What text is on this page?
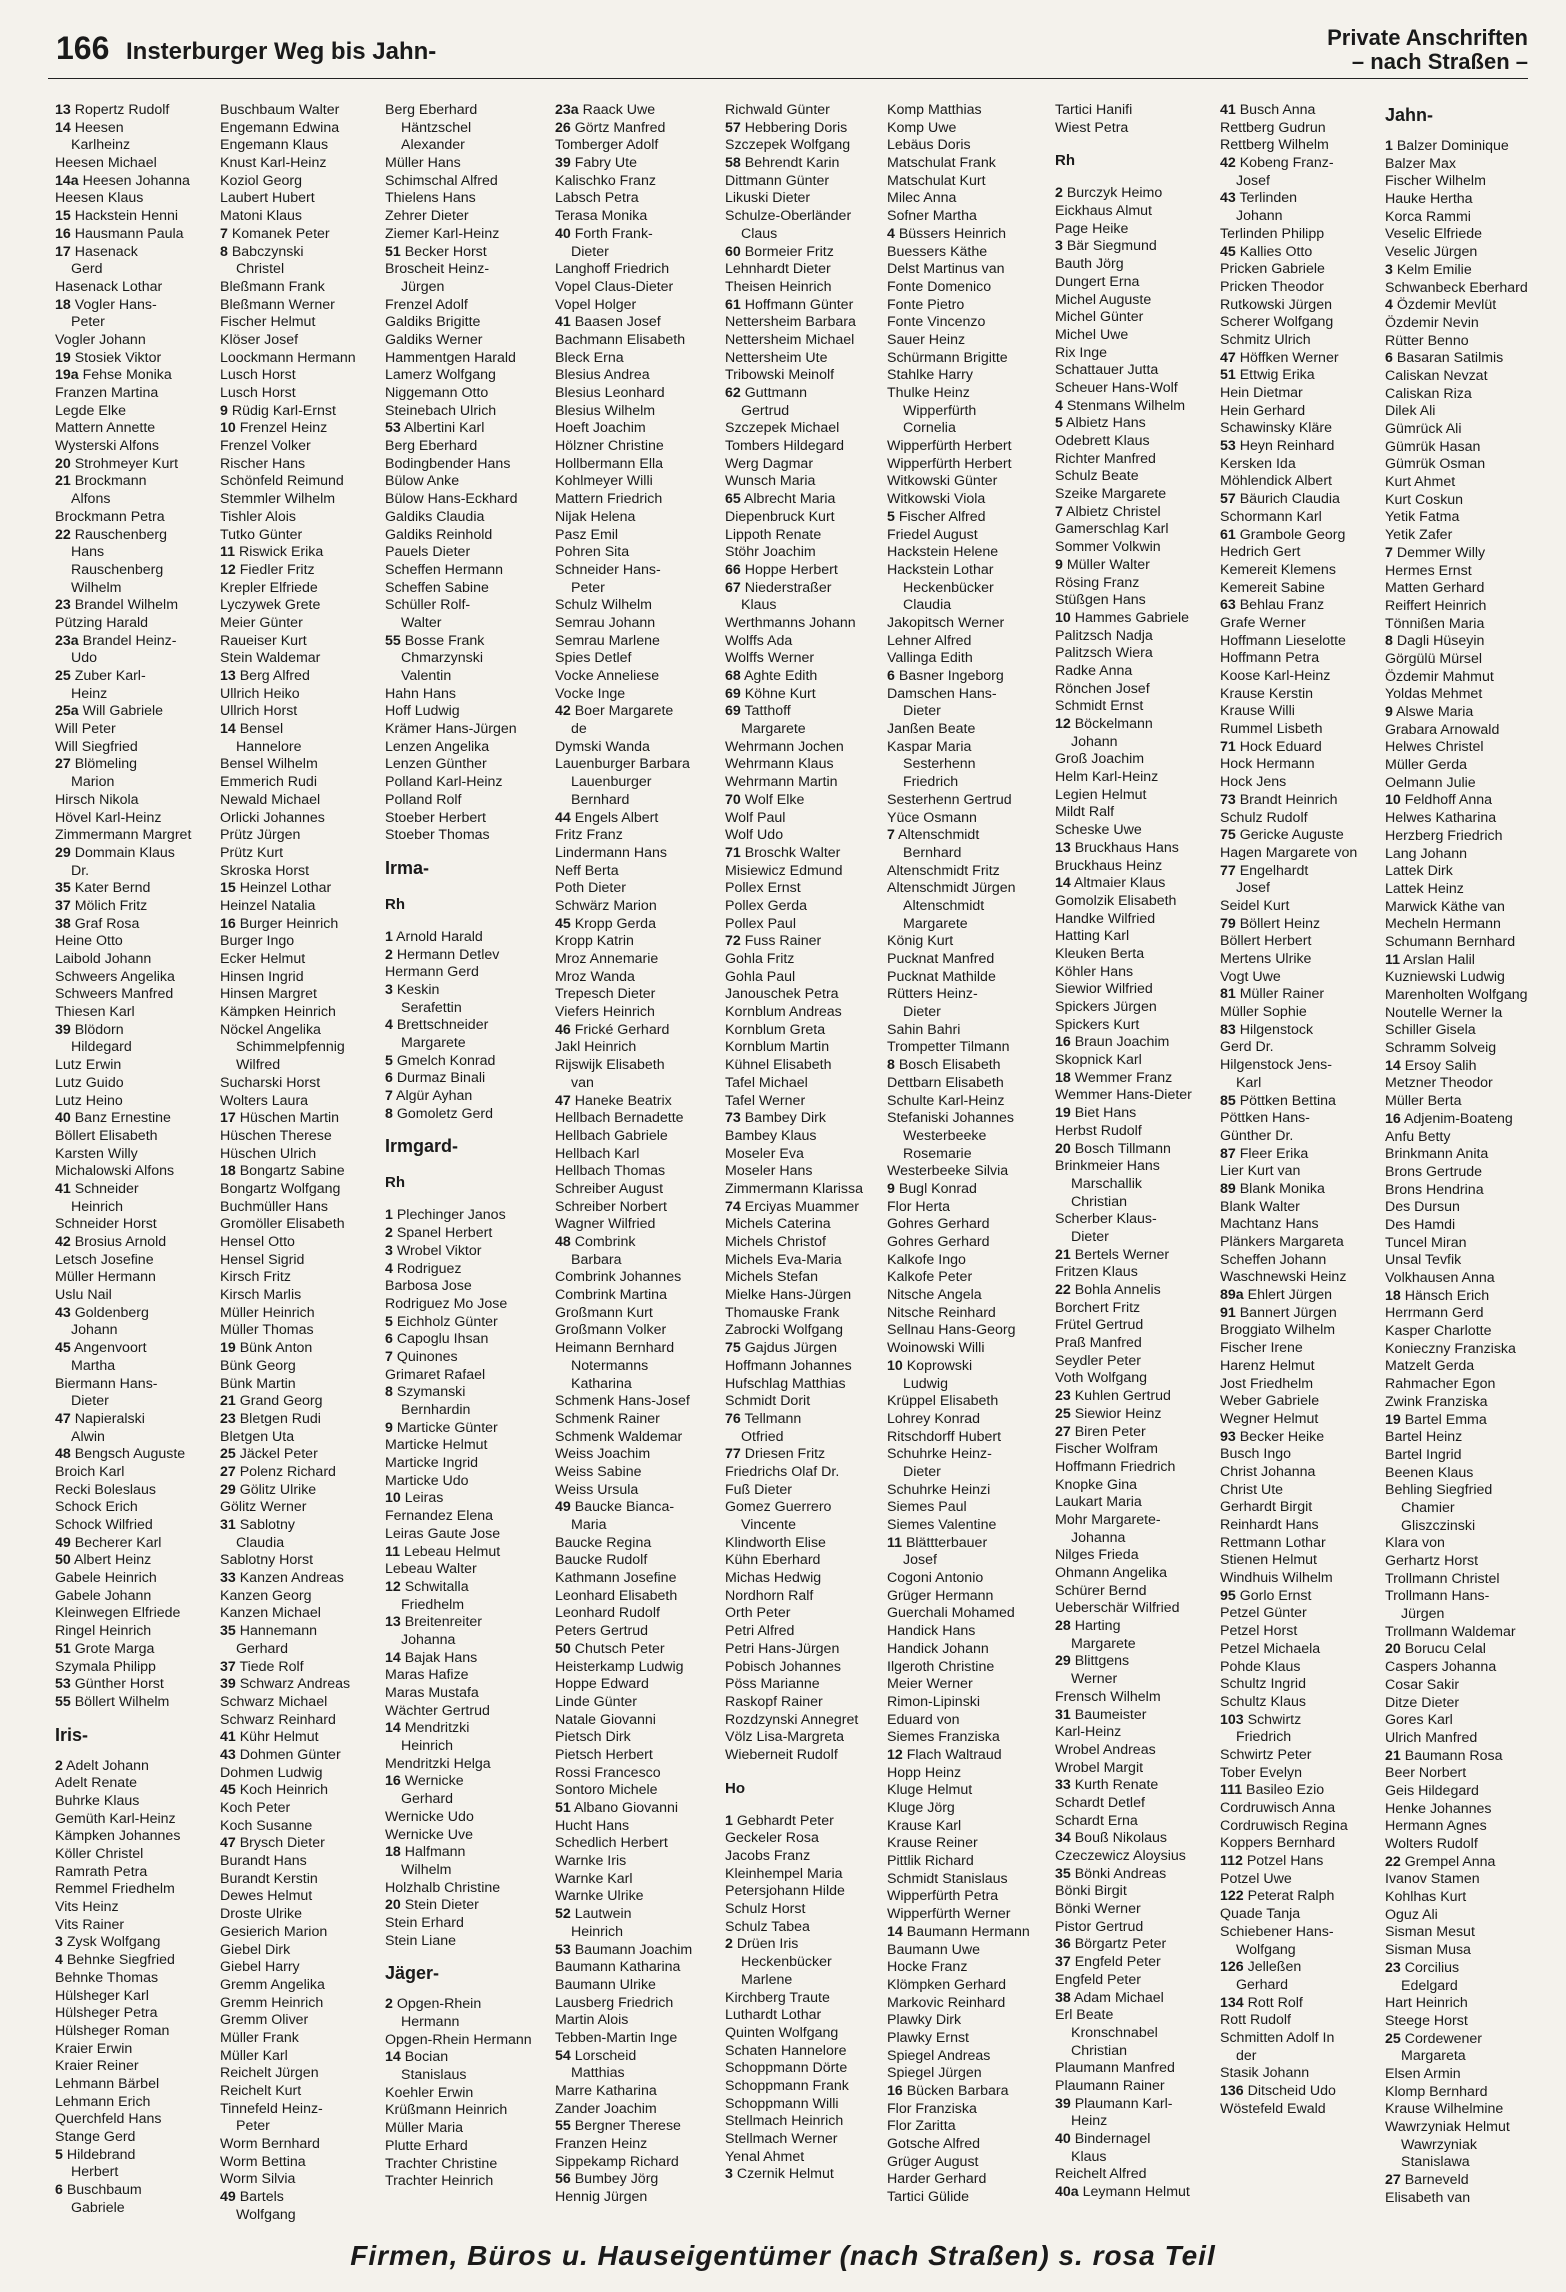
166 Insterburger Weg bis Jahn-
Private Anschriften
– nach Straßen –
13 Ropertz Rudolf
14 Heesen
Karlheinz
Heesen Michael
14a Heesen Johanna
Heesen Klaus
15 Hackstein Henni
16 Hausmann Paula
17 Hasenack
Gerd
Hasenack Lothar
18 Vogler Hans-
Peter
Vogler Johann
19 Stosiek Viktor
19a Fehse Monika
Franzen Martina
Legde Elke
Mattern Annette
Wysterski Alfons
20 Strohmeyer Kurt
21 Brockmann
Alfons
Brockmann Petra
22 Rauschenberg
Hans
Rauschenberg
Wilhelm
23 Brandel Wilhelm
Pützing Harald
23a Brandel Heinz-
Udo
25 Zuber Karl-
Heinz
25a Will Gabriele
Will Peter
Will Siegfried
27 Blömeling
Marion
Hirsch Nikola
Hövel Karl-Heinz
Zimmermann Margret
29 Dommain Klaus
Dr.
35 Kater Bernd
37 Mölich Fritz
38 Graf Rosa
Heine Otto
Laibold Johann
Schweers Angelika
Schweers Manfred
Thiesen Karl
39 Blödorn
Hildegard
Lutz Erwin
Lutz Guido
Lutz Heino
40 Banz Ernestine
Böllert Elisabeth
Karsten Willy
Michalowski Alfons
41 Schneider
Heinrich
Schneider Horst
42 Brosius Arnold
Letsch Josefine
Müller Hermann
Uslu Nail
43 Goldenberg
Johann
45 Angenvoort
Martha
Biermann Hans-
Dieter
47 Napieralski
Alwin
48 Bengsch Auguste
Broich Karl
Recki Boleslaus
Schock Erich
Schock Wilfried
49 Becherer Karl
50 Albert Heinz
Gabele Heinrich
Gabele Johann
Kleinwegen Elfriede
Ringel Heinrich
51 Grote Marga
Szymala Philipp
53 Günther Horst
55 Böllert Wilhelm
Iris-
2 Adelt Johann
Adelt Renate
Buhrke Klaus
Gemüth Karl-Heinz
Kämpken Johannes
Köller Christel
Ramrath Petra
Remmel Friedhelm
Vits Heinz
Vits Rainer
3 Zysk Wolfgang
4 Behnke Siegfried
Behnke Thomas
Hülsheger Karl
Hülsheger Petra
Hülsheger Roman
Kraier Erwin
Kraier Reiner
Lehmann Bärbel
Lehmann Erich
Querchfeld Hans
Stange Gerd
5 Hildebrand
Herbert
6 Buschbaum
Gabriele
Buschbaum Walter
Engemann Edwina
Engemann Klaus
Knust Karl-Heinz
Koziol Georg
Laubert Hubert
Matoni Klaus
7 Komanek Peter
8 Babczynski
Christel
Bleßmann Frank
Bleßmann Werner
Fischer Helmut
Klöser Josef
Loockmann Hermann
Lusch Horst
Lusch Horst
9 Rüdig Karl-Ernst
10 Frenzel Heinz
Frenzel Volker
Rischer Hans
Schönfeld Reimund
Stemmler Wilhelm
Tishler Alois
Tutko Günter
11 Riswick Erika
12 Fiedler Fritz
Krepler Elfriede
Lyczywek Grete
Meier Günter
Raueiser Kurt
Stein Waldemar
13 Berg Alfred
Ullrich Heiko
Ullrich Horst
14 Bensel
Hannelore
Bensel Wilhelm
Emmerich Rudi
Newald Michael
Orlicki Johannes
Prütz Jürgen
Prütz Kurt
Skroska Horst
15 Heinzel Lothar
Heinzel Natalia
16 Burger Heinrich
Burger Ingo
Ecker Helmut
Hinsen Ingrid
Hinsen Margret
Kämpken Heinrich
Nöckel Angelika
Schimmelpfennig
Wilfred
Sucharski Horst
Wolters Laura
17 Hüschen Martin
Hüschen Therese
Hüschen Ulrich
18 Bongartz Sabine
Bongartz Wolfgang
Buchmüller Hans
Gromöller Elisabeth
Hensel Otto
Hensel Sigrid
Kirsch Fritz
Kirsch Marlis
Müller Heinrich
Müller Thomas
19 Bünk Anton
Bünk Georg
Bünk Martin
21 Grand Georg
23 Bletgen Rudi
Bletgen Uta
25 Jäckel Peter
27 Polenz Richard
29 Gölitz Ulrike
Gölitz Werner
31 Sablotny
Claudia
Sablotny Horst
33 Kanzen Andreas
Kanzen Georg
Kanzen Michael
35 Hannemann
Gerhard
37 Tiede Rolf
39 Schwarz Andreas
Schwarz Michael
Schwarz Reinhard
41 Kühr Helmut
43 Dohmen Günter
Dohmen Ludwig
45 Koch Heinrich
Koch Peter
Koch Susanne
47 Brysch Dieter
Burandt Hans
Burandt Kerstin
Dewes Helmut
Droste Ulrike
Gesierich Marion
Giebel Dirk
Giebel Harry
Gremm Angelika
Gremm Heinrich
Gremm Oliver
Müller Frank
Müller Karl
Reichelt Jürgen
Reichelt Kurt
Tinnefeld Heinz-
Peter
Worm Bernhard
Worm Bettina
Worm Silvia
49 Bartels
Wolfgang
Berg Eberhard
Häntzschel
Alexander
Müller Hans
Schimschal Alfred
Thielens Hans
Zehrer Dieter
Ziemer Karl-Heinz
51 Becker Horst
Broscheit Heinz-
Jürgen
Frenzel Adolf
Galdiks Brigitte
Galdiks Werner
Hammentgen Harald
Lamerz Wolfgang
Niggemann Otto
Steinebach Ulrich
53 Albertini Karl
Berg Eberhard
Bodingbender Hans
Bülow Anke
Bülow Hans-Eckhard
Galdiks Claudia
Galdiks Reinhold
Pauels Dieter
Scheffen Hermann
Scheffen Sabine
Schüller Rolf-
Walter
55 Bosse Frank
Chmarzynski
Valentin
Hahn Hans
Hoff Ludwig
Krämer Hans-Jürgen
Lenzen Angelika
Lenzen Günther
Polland Karl-Heinz
Polland Rolf
Stoeber Herbert
Stoeber Thomas
Irma-
Rh
1 Arnold Harald
2 Hermann Detlev
Hermann Gerd
3 Keskin
Serafettin
4 Brettschneider
Margarete
5 Gmelch Konrad
6 Durmaz Binali
7 Algür Ayhan
8 Gomoletz Gerd
Irmgard-
Rh
1 Plechinger Janos
2 Spanel Herbert
3 Wrobel Viktor
4 Rodriguez
Barbosa Jose
Rodriguez Mo Jose
5 Eichholz Günter
6 Capoglu Ihsan
7 Quinones
Grimaret Rafael
8 Szymanski
Bernhardin
9 Marticke Günter
Marticke Helmut
Marticke Ingrid
Marticke Udo
10 Leiras
Fernandez Elena
Leiras Gaute Jose
11 Lebeau Helmut
Lebeau Walter
12 Schwitalla
Friedhelm
13 Breitenreiter
Johanna
14 Bajak Hans
Maras Hafize
Maras Mustafa
Wächter Gertrud
14 Mendritzki
Heinrich
Mendritzki Helga
16 Wernicke
Gerhard
Wernicke Udo
Wernicke Uve
18 Halfmann
Wilhelm
Holzhalb Christine
20 Stein Dieter
Stein Erhard
Stein Liane
Jäger-
2 Opgen-Rhein
Hermann
Opgen-Rhein Hermann
14 Bocian
Stanislaus
Koehler Erwin
Krüßmann Heinrich
Müller Maria
Plutte Erhard
Trachter Christine
Trachter Heinrich
23a Raack Uwe
26 Görtz Manfred
Tomberger Adolf
39 Fabry Ute
Kalischko Franz
Labsch Petra
Terasa Monika
40 Forth Frank-
Dieter
Langhoff Friedrich
Vopel Claus-Dieter
Vopel Holger
41 Baasen Josef
Bachmann Elisabeth
Bleck Erna
Blesius Andrea
Blesius Leonhard
Blesius Wilhelm
Hoeft Joachim
Hölzner Christine
Hollbermann Ella
Kohlmeyer Willi
Mattern Friedrich
Nijak Helena
Pasz Emil
Pohren Sita
Schneider Hans-
Peter
Schulz Wilhelm
Semrau Johann
Semrau Marlene
Spies Detlef
Vocke Anneliese
Vocke Inge
42 Boer Margarete
de
Dymski Wanda
Lauenburger Barbara
Lauenburger
Bernhard
44 Engels Albert
Fritz Franz
Lindermann Hans
Neff Berta
Poth Dieter
Schwärz Marion
45 Kropp Gerda
Kropp Katrin
Mroz Annemarie
Mroz Wanda
Trepesch Dieter
Viefers Heinrich
46 Frické Gerhard
Jakl Heinrich
Rijswijk Elisabeth
van
47 Haneke Beatrix
Hellbach Bernadette
Hellbach Gabriele
Hellbach Karl
Hellbach Thomas
Schreiber August
Schreiber Norbert
Wagner Wilfried
48 Combrink
Barbara
Combrink Johannes
Combrink Martina
Großmann Kurt
Großmann Volker
Heimann Bernhard
Notermanns
Katharina
Schmenk Hans-Josef
Schmenk Rainer
Schmenk Waldemar
Weiss Joachim
Weiss Sabine
Weiss Ursula
49 Baucke Bianca-
Maria
Baucke Regina
Baucke Rudolf
Kathmann Josefine
Leonhard Elisabeth
Leonhard Rudolf
Peters Gertrud
50 Chutsch Peter
Heisterkamp Ludwig
Hoppe Edward
Linde Günter
Natale Giovanni
Pietsch Dirk
Pietsch Herbert
Rossi Francesco
Sontoro Michele
51 Albano Giovanni
Hucht Hans
Schedlich Herbert
Warnke Iris
Warnke Karl
Warnke Ulrike
52 Lautwein
Heinrich
53 Baumann Joachim
Baumann Katharina
Baumann Ulrike
Lausberg Friedrich
Martin Alois
Tebben-Martin Inge
54 Lorscheid
Matthias
Marre Katharina
Zander Joachim
55 Bergner Therese
Franzen Heinz
Sippekamp Richard
56 Bumbey Jörg
Hennig Jürgen
Richwald Günter
57 Hebbering Doris
Szczepek Wolfgang
58 Behrendt Karin
Dittmann Günter
Likuski Dieter
Schulze-Oberländer
Claus
60 Bormeier Fritz
Lehnhardt Dieter
Theisen Heinrich
61 Hoffmann Günter
Nettersheim Barbara
Nettersheim Michael
Nettersheim Ute
Tribowski Meinolf
62 Guttmann
Gertrud
Szczepek Michael
Tombers Hildegard
Werg Dagmar
Wunsch Maria
65 Albrecht Maria
Diepenbruck Kurt
Lippoth Renate
Stöhr Joachim
66 Hoppe Herbert
67 Niederstraßer
Klaus
Werthmanns Johann
Wolffs Ada
Wolffs Werner
68 Aghte Edith
69 Köhne Kurt
69 Tatthoff
Margarete
Wehrmann Jochen
Wehrmann Klaus
Wehrmann Martin
70 Wolf Elke
Wolf Paul
Wolf Udo
71 Broschk Walter
Misiewicz Edmund
Pollex Ernst
Pollex Gerda
Pollex Paul
72 Fuss Rainer
Gohla Fritz
Gohla Paul
Janouschek Petra
Kornblum Andreas
Kornblum Greta
Kornblum Martin
Kühnel Elisabeth
Tafel Michael
Tafel Werner
73 Bambey Dirk
Bambey Klaus
Moseler Eva
Moseler Hans
Zimmermann Klarissa
74 Erciyas Muammer
Michels Caterina
Michels Christof
Michels Eva-Maria
Michels Stefan
Mielke Hans-Jürgen
Thomauske Frank
Zabrocki Wolfgang
75 Gajdus Jürgen
Hoffmann Johannes
Hufschlag Matthias
Schmidt Dorit
76 Tellmann
Otfried
77 Driesen Fritz
Friedrichs Olaf Dr.
Fuß Dieter
Gomez Guerrero
Vincente
Klindworth Elise
Kühn Eberhard
Michas Hedwig
Nordhorn Ralf
Orth Peter
Petri Alfred
Petri Hans-Jürgen
Pobisch Johannes
Pöss Marianne
Raskopf Rainer
Rozdzynski Annegret
Völz Lisa-Margreta
Wieberneit Rudolf
Ho
1 Gebhardt Peter
Geckeler Rosa
Jacobs Franz
Kleinhempel Maria
Petersjohann Hilde
Schulz Horst
Schulz Tabea
2 Drüen Iris
Heckenbücker
Marlene
Kirchberg Traute
Luthardt Lothar
Quinten Wolfgang
Schaten Hannelore
Schoppmann Dörte
Schoppmann Frank
Schoppmann Willi
Stellmach Heinrich
Stellmach Werner
Yenal Ahmet
3 Czernik Helmut
Komp Matthias
Komp Uwe
Lebäus Doris
Matschulat Frank
Matschulat Kurt
Milec Anna
Sofner Martha
4 Büssers Heinrich
Buessers Käthe
Delst Martinus van
Fonte Domenico
Fonte Pietro
Fonte Vincenzo
Sauer Heinz
Schürmann Brigitte
Stahlke Harry
Thulke Heinz
Wipperfürth
Cornelia
Wipperfürth Herbert
Wipperfürth Herbert
Witkowski Günter
Witkowski Viola
5 Fischer Alfred
Friedel August
Hackstein Helene
Hackstein Lothar
Heckenbücker
Claudia
Jakopitsch Werner
Lehner Alfred
Vallinga Edith
6 Basner Ingeborg
Damschen Hans-
Dieter
Janßen Beate
Kaspar Maria
Sesterhenn
Friedrich
Sesterhenn Gertrud
Yüce Osmann
7 Altenschmidt
Bernhard
Altenschmidt Fritz
Altenschmidt Jürgen
Altenschmidt
Margarete
König Kurt
Pucknat Manfred
Pucknat Mathilde
Rütters Heinz-
Dieter
Sahin Bahri
Trompetter Tilmann
8 Bosch Elisabeth
Dettbarn Elisabeth
Schulte Karl-Heinz
Stefaniski Johannes
Westerbeeke
Rosemarie
Westerbeeke Silvia
9 Bugl Konrad
Flor Herta
Gohres Gerhard
Gohres Gerhard
Kalkofe Ingo
Kalkofe Peter
Nitsche Angela
Nitsche Reinhard
Sellnau Hans-Georg
Woinowski Willi
10 Koprowski
Ludwig
Krüppel Elisabeth
Lohrey Konrad
Ritschdorff Hubert
Schuhrke Heinz-
Dieter
Schuhrke Heinzi
Siemes Paul
Siemes Valentine
11 Blättterbauer
Josef
Cogoni Antonio
Grüger Hermann
Guerchali Mohamed
Handick Hans
Handick Johann
Ilgeroth Christine
Meier Werner
Rimon-Lipinski
Eduard von
Siemes Franziska
12 Flach Waltraud
Hopp Heinz
Kluge Helmut
Kluge Jörg
Krause Karl
Krause Reiner
Pittlik Richard
Schmidt Stanislaus
Wipperfürth Petra
Wipperfürth Werner
14 Baumann Hermann
Baumann Uwe
Hocke Franz
Klömpken Gerhard
Markovic Reinhard
Plawky Dirk
Plawky Ernst
Spiegel Andreas
Spiegel Jürgen
16 Bücken Barbara
Flor Franziska
Flor Zaritta
Gotsche Alfred
Grüger August
Harder Gerhard
Tartici Gülide
Tartici Hanifi
Wiest Petra
Rh
2 Burczyk Heimo
Eickhaus Almut
Page Heike
3 Bär Siegmund
Bauth Jörg
Dungert Erna
Michel Auguste
Michel Günter
Michel Uwe
Rix Inge
Schattauer Jutta
Scheuer Hans-Wolf
4 Stenmans Wilhelm
5 Albietz Hans
Odebrett Klaus
Richter Manfred
Schulz Beate
Szeike Margarete
7 Albietz Christel
Gamerschlag Karl
Sommer Volkwin
9 Müller Walter
Rösing Franz
Stüßgen Hans
10 Hammes Gabriele
Palitzsch Nadja
Palitzsch Wiera
Radke Anna
Rönchen Josef
Schmidt Ernst
12 Böckelmann
Johann
Groß Joachim
Helm Karl-Heinz
Legien Helmut
Mildt Ralf
Scheske Uwe
13 Bruckhaus Hans
Bruckhaus Heinz
14 Altmaier Klaus
Gomolzik Elisabeth
Handke Wilfried
Hatting Karl
Kleuken Berta
Köhler Hans
Siewior Wilfried
Spickers Jürgen
Spickers Kurt
16 Braun Joachim
Skopnick Karl
18 Wemmer Franz
Wemmer Hans-Dieter
19 Biet Hans
Herbst Rudolf
20 Bosch Tillmann
Brinkmeier Hans
Marschallik
Christian
Scherber Klaus-
Dieter
21 Bertels Werner
Fritzen Klaus
22 Bohla Annelis
Borchert Fritz
Frütel Gertrud
Praß Manfred
Seydler Peter
Voth Wolfgang
23 Kuhlen Gertrud
25 Siewior Heinz
27 Biren Peter
Fischer Wolfram
Hoffmann Friedrich
Knopke Gina
Laukart Maria
Mohr Margarete-
Johanna
Nilges Frieda
Ohmann Angelika
Schürer Bernd
Ueberschär Wilfried
28 Harting
Margarete
29 Blittgens
Werner
Frensch Wilhelm
31 Baumeister
Karl-Heinz
Wrobel Andreas
Wrobel Margit
33 Kurth Renate
Schardt Detlef
Schardt Erna
34 Bouß Nikolaus
Czeczewicz Aloysius
35 Bönki Andreas
Bönki Birgit
Bönki Werner
Pistor Gertrud
36 Börgartz Peter
37 Engfeld Peter
Engfeld Peter
38 Adam Michael
Erl Beate
Kronschnabel
Christian
Plaumann Manfred
Plaumann Rainer
39 Plaumann Karl-
Heinz
40 Bindernagel
Klaus
Reichelt Alfred
40a Leymann Helmut
41 Busch Anna
Rettberg Gudrun
Rettberg Wilhelm
42 Kobeng Franz-
Josef
43 Terlinden
Johann
Terlinden Philipp
45 Kallies Otto
Pricken Gabriele
Pricken Theodor
Rutkowski Jürgen
Scherer Wolfgang
Schmitz Ulrich
47 Höffken Werner
51 Ettwig Erika
Hein Dietmar
Hein Gerhard
Schawinsky Kläre
53 Heyn Reinhard
Kersken Ida
Möhlendick Albert
57 Bäurich Claudia
Schormann Karl
61 Grambole Georg
Hedrich Gert
Kemereit Klemens
Kemereit Sabine
63 Behlau Franz
Grafe Werner
Hoffmann Lieselotte
Hoffmann Petra
Koose Karl-Heinz
Krause Kerstin
Krause Willi
Rummel Lisbeth
71 Hock Eduard
Hock Hermann
Hock Jens
73 Brandt Heinrich
Schulz Rudolf
75 Gericke Auguste
Hagen Margarete von
77 Engelhardt
Josef
Seidel Kurt
79 Böllert Heinz
Böllert Herbert
Mertens Ulrike
Vogt Uwe
81 Müller Rainer
Müller Sophie
83 Hilgenstock
Gerd Dr.
Hilgenstock Jens-
Karl
85 Pöttken Bettina
Pöttken Hans-
Günther Dr.
87 Fleer Erika
Lier Kurt van
89 Blank Monika
Blank Walter
Machtanz Hans
Plänkers Margareta
Scheffen Johann
Waschnewski Heinz
89a Ehlert Jürgen
91 Bannert Jürgen
Broggiato Wilhelm
Fischer Irene
Harenz Helmut
Jost Friedhelm
Weber Gabriele
Wegner Helmut
93 Becker Heike
Busch Ingo
Christ Johanna
Christ Ute
Gerhardt Birgit
Reinhardt Hans
Rettmann Lothar
Stienen Helmut
Windhuis Wilhelm
95 Gorlo Ernst
Petzel Günter
Petzel Horst
Petzel Michaela
Pohde Klaus
Schultz Ingrid
Schultz Klaus
103 Schwirtz
Friedrich
Schwirtz Peter
Tober Evelyn
111 Basileo Ezio
Cordruwisch Anna
Cordruwisch Regina
Koppers Bernhard
112 Potzel Hans
Potzel Uwe
122 Peterat Ralph
Quade Tanja
Schiebener Hans-
Wolfgang
126 Jellеßen
Gerhard
134 Rott Rolf
Rott Rudolf
Schmitten Adolf In
der
Stasik Johann
136 Ditscheid Udo
Wöstefeld Ewald
Jahn-
1 Balzer Dominique
Balzer Max
Fischer Wilhelm
Hauke Hertha
Korca Rammi
Veselic Elfriede
Veselic Jürgen
3 Kelm Emilie
Schwanbeck Eberhard
4 Özdemir Mevlüt
Özdemir Nevin
Rütter Benno
6 Basaran Satilmis
Caliskan Nevzat
Caliskan Riza
Dilek Ali
Gümrück Ali
Gümrük Hasan
Gümrük Osman
Kurt Ahmet
Kurt Coskun
Yetik Fatma
Yetik Zafer
7 Demmer Willy
Hermes Ernst
Matten Gerhard
Reiffert Heinrich
Tönnißen Maria
8 Dagli Hüseyin
Görgülü Mürsel
Özdemir Mahmut
Yoldas Mehmet
9 Alswe Maria
Grabara Arnowald
Helwes Christel
Müller Gerda
Oelmann Julie
10 Feldhoff Anna
Helwes Katharina
Herzberg Friedrich
Lang Johann
Lattek Dirk
Lattek Heinz
Marwick Käthe van
Mecheln Hermann
Schumann Bernhard
11 Arslan Halil
Kuzniewski Ludwig
Marenholten Wolfgang
Noutelle Werner la
Schiller Gisela
Schramm Solveig
14 Ersoy Salih
Metzner Theodor
Müller Berta
16 Adjenim-Boateng
Anfu Betty
Brinkmann Anita
Brons Gertrude
Brons Hendrina
Des Dursun
Des Hamdi
Tuncel Miran
Unsal Tevfik
Volkhausen Anna
18 Hänsch Erich
Herrmann Gerd
Kasper Charlotte
Konieczny Franziska
Matzelt Gerda
Rahmacher Egon
Zwink Franziska
19 Bartel Emma
Bartel Heinz
Bartel Ingrid
Beenen Klaus
Behling Siegfried
Chamier
Gliszczinski
Klara von
Gerhartz Horst
Trollmann Christel
Trollmann Hans-
Jürgen
Trollmann Waldemar
20 Borucu Celal
Caspers Johanna
Cosar Sakir
Ditze Dieter
Gores Karl
Ulrich Manfred
21 Baumann Rosa
Beer Norbert
Geis Hildegard
Henke Johannes
Hermann Agnes
Wolters Rudolf
22 Grempel Anna
Ivanov Stamen
Kohlhas Kurt
Oguz Ali
Sisman Mesut
Sisman Musa
23 Corcilius
Edelgard
Hart Heinrich
Steege Horst
25 Cordewener
Margareta
Elsen Armin
Klomp Bernhard
Krause Wilhelmine
Wawrzyniak Helmut
Wawrzyniak
Stanislawa
27 Barneveld
Elisabeth van
Firmen, Büros u. Hauseigentümer (nach Straßen) s. rosa Teil
